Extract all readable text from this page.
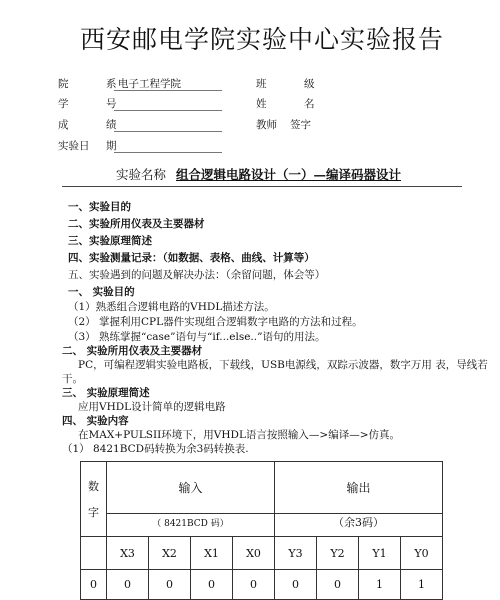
西安邮电学院实验中心实验报告
院	系 电子工程学院	班	级
学	号	姓	名
成	绩	教师 签字
实验日 期
实验名称 组合逻辑电路设计（一）—编译码器设计
一、实验目的
二、实验所用仪表及主要器材
三、实验原理简述
四、实验测量记录：（如数据、表格、曲线、计算等）
五、实验遇到的问题及解决办法：（余留问题，体会等）
一、 实验目的
（1）熟悉组合逻辑电路的VHDL描述方法。
（2） 掌握利用CPL器件实现组合逻辑数字电路的方法和过程。
（3） 熟练掌握“case”语句与“if...else..”语句的用法。
二、 实验所用仪表及主要器材
PC，可编程逻辑实验电路板，下载线，USB电源线，双踪示波器，数字万用 表，导线若
干。
三、 实验原理简述
应用VHDL设计简单的逻辑电路
四、 实验内容
在MAX+PULSII环境下，用VHDL语言按照输入—>编译—>仿真。
（1） 8421BCD码转换为余3码转换表.
数
字	输入				输出			
	（ 8421BCD 码）				（余3码）			
	X3	X2	X1	X0	Y3	Y2	Y1	Y0
0	0	0	0	0	0	0	1	1
